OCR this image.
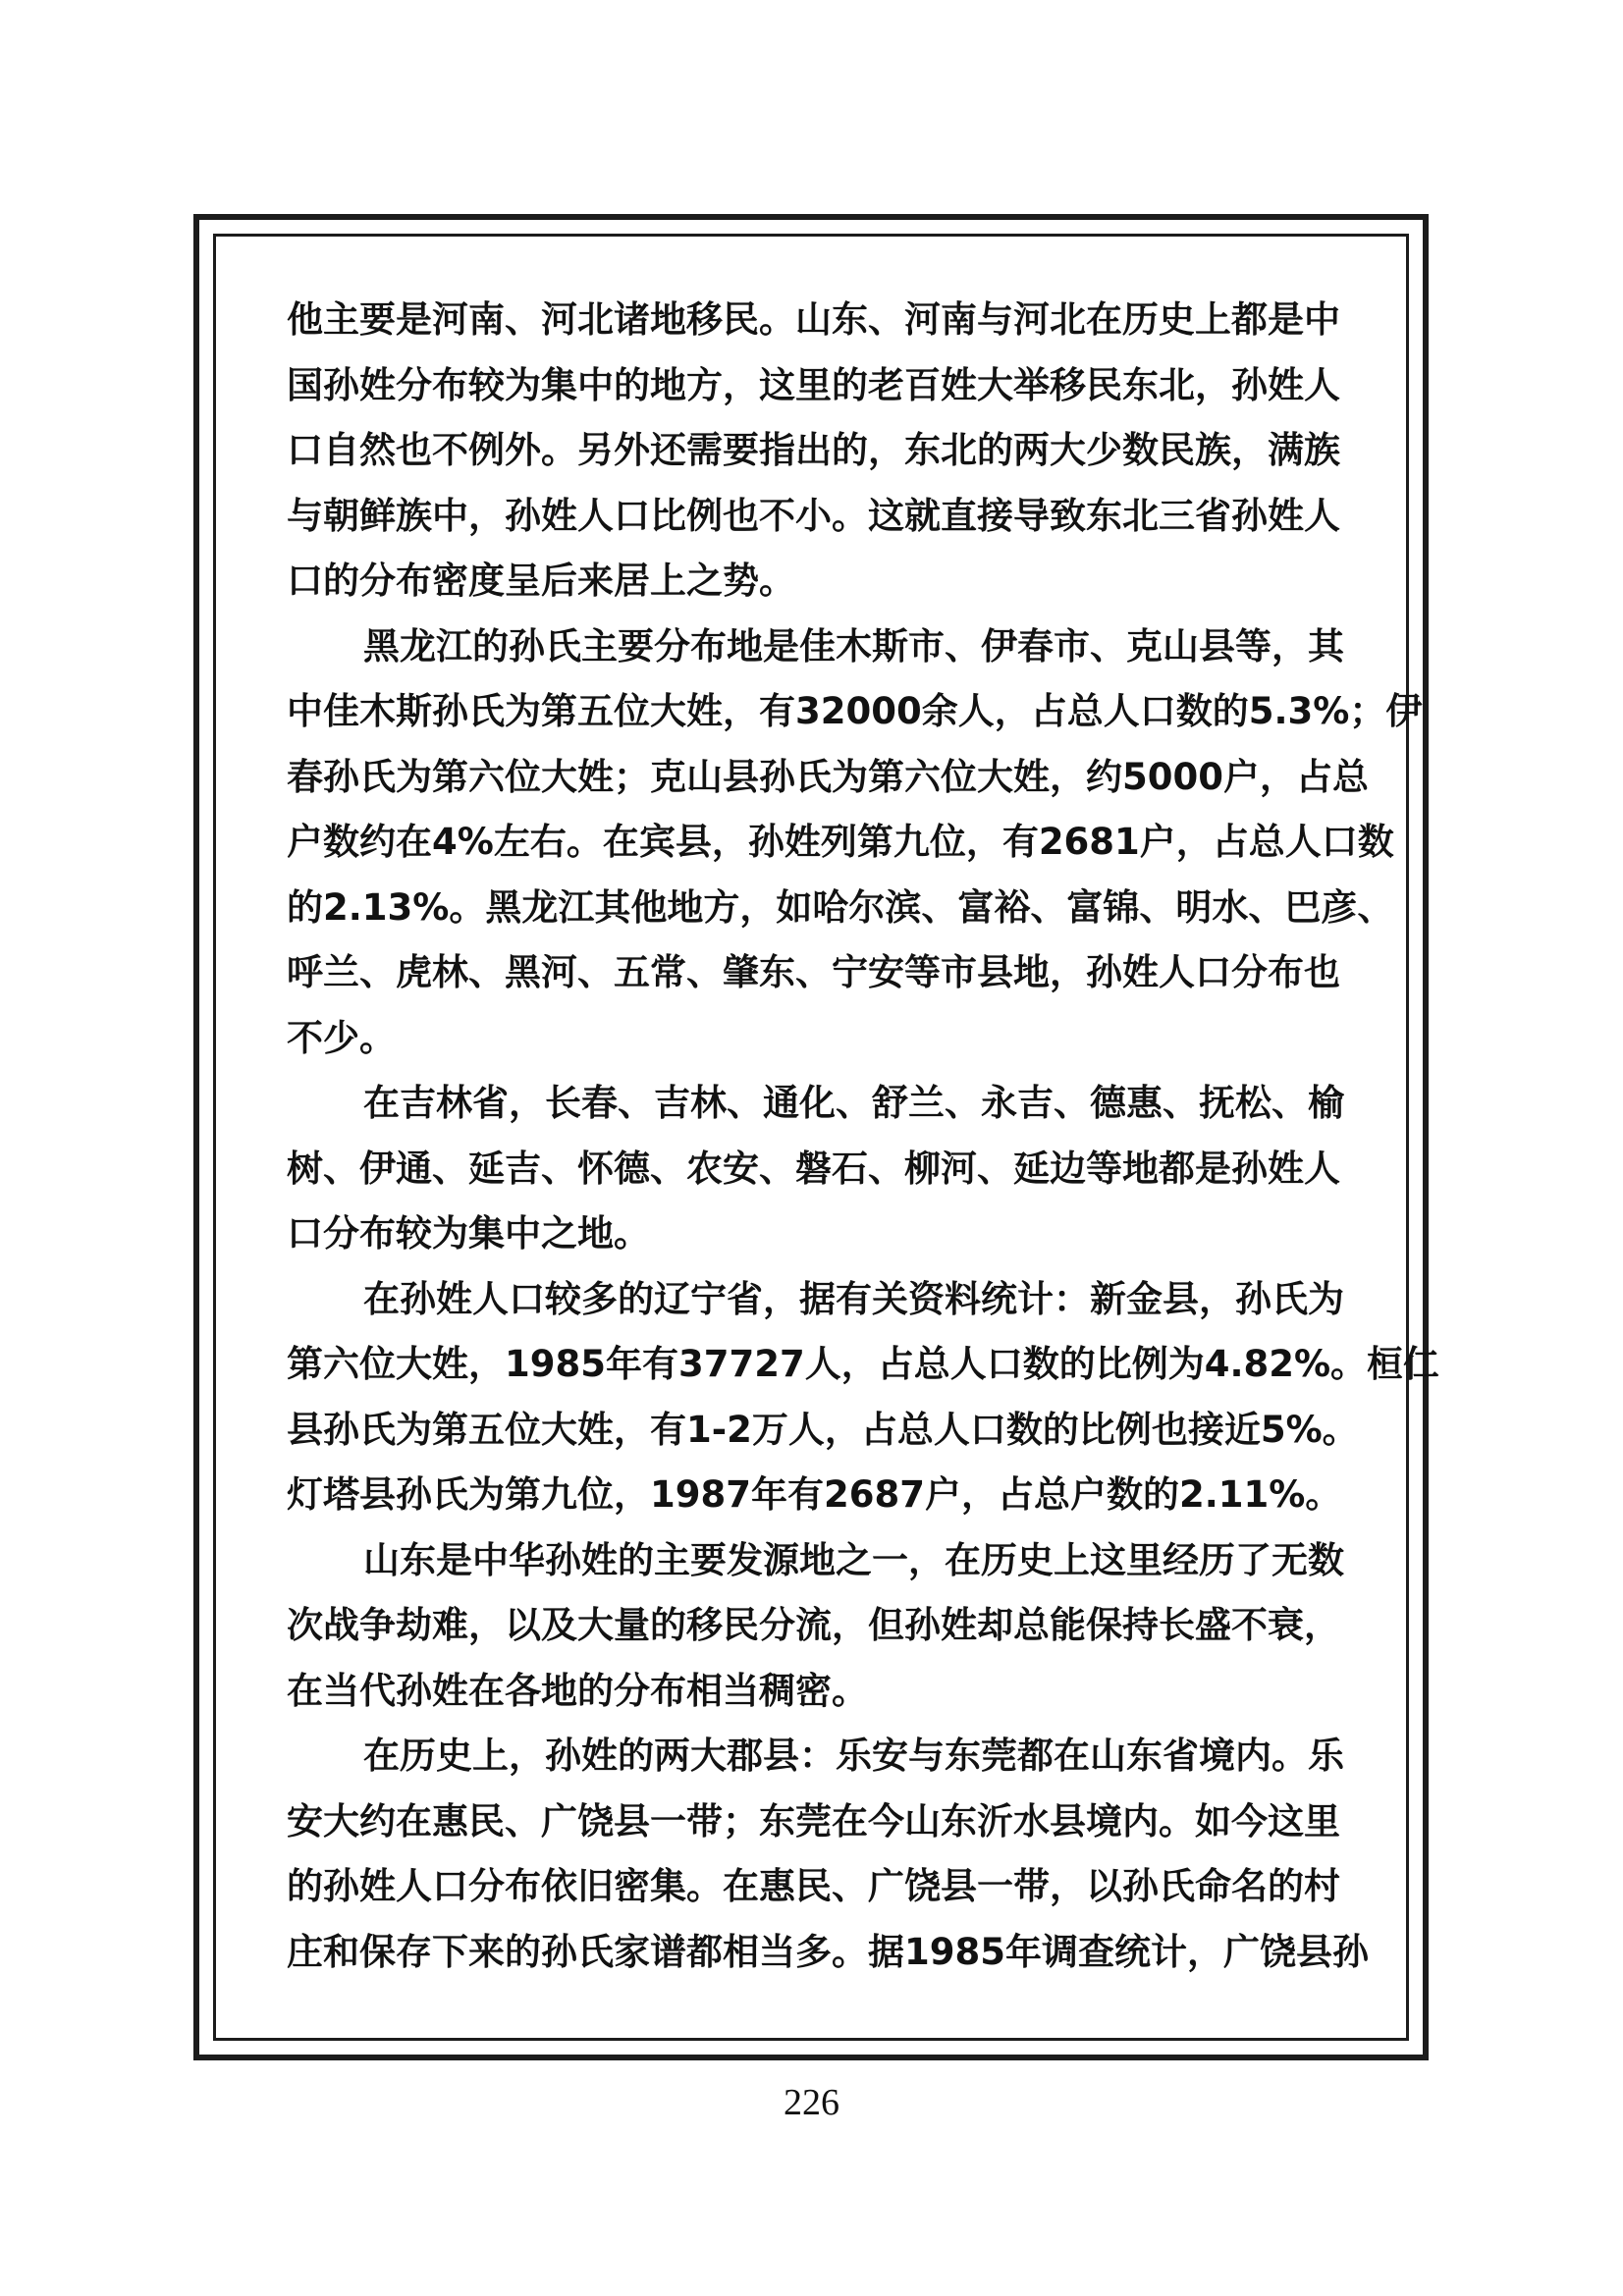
他主要是河南、河北诸地移民。山东、河南与河北在历史上都是中
国孙姓分布较为集中的地方，这里的老百姓大举移民东北，孙姓人
口自然也不例外。另外还需要指出的，东北的两大少数民族，满族
与朝鲜族中，孙姓人口比例也不小。这就直接导致东北三省孙姓人
口的分布密度呈后来居上之势。
黑龙江的孙氏主要分布地是佳木斯市、伊春市、克山县等，其
中佳木斯孙氏为第五位大姓，有32000余人，占总人口数的5.3%；伊
春孙氏为第六位大姓；克山县孙氏为第六位大姓，约5000户，占总
户数约在4%左右。在宾县，孙姓列第九位，有2681户，占总人口数
的2.13%。黑龙江其他地方，如哈尔滨、富裕、富锦、明水、巴彦、
呼兰、虎林、黑河、五常、肇东、宁安等市县地，孙姓人口分布也
不少。
在吉林省，长春、吉林、通化、舒兰、永吉、德惠、抚松、榆
树、伊通、延吉、怀德、农安、磐石、柳河、延边等地都是孙姓人
口分布较为集中之地。
在孙姓人口较多的辽宁省，据有关资料统计：新金县，孙氏为
第六位大姓，1985年有37727人，占总人口数的比例为4.82%。桓仁
县孙氏为第五位大姓，有1-2万人，占总人口数的比例也接近5%。
灯塔县孙氏为第九位，1987年有2687户，占总户数的2.11%。
山东是中华孙姓的主要发源地之一，在历史上这里经历了无数
次战争劫难，以及大量的移民分流，但孙姓却总能保持长盛不衰，
在当代孙姓在各地的分布相当稠密。
在历史上，孙姓的两大郡县：乐安与东莞都在山东省境内。乐
安大约在惠民、广饶县一带；东莞在今山东沂水县境内。如今这里
的孙姓人口分布依旧密集。在惠民、广饶县一带，以孙氏命名的村
庄和保存下来的孙氏家谱都相当多。据1985年调查统计，广饶县孙
226
